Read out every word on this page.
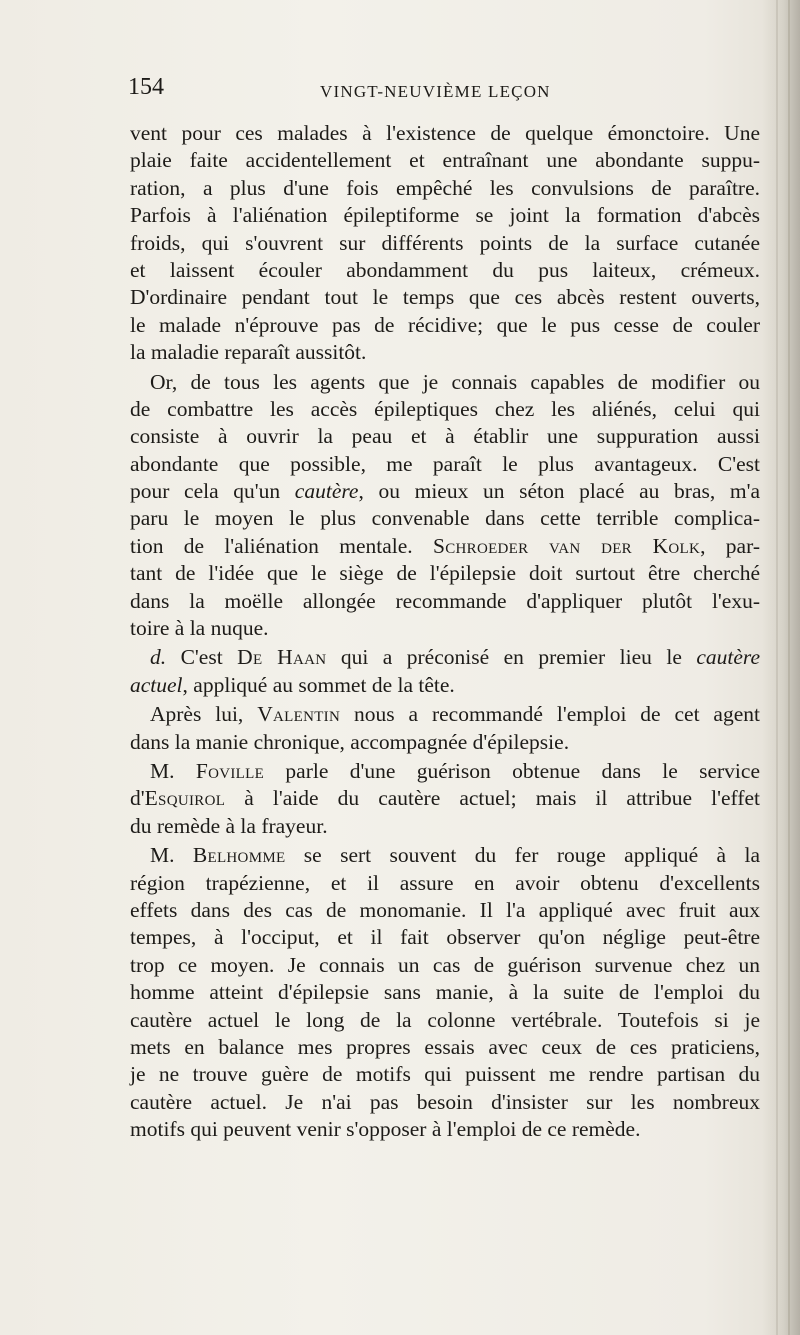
154	VINGT-NEUVIÈME LEÇON
vent pour ces malades à l'existence de quelque émonctoire. Une
plaie faite accidentellement et entraînant une abondante suppu-
ration, a plus d'une fois empêché les convulsions de paraître.
Parfois à l'aliénation épileptiforme se joint la formation d'abcès
froids, qui s'ouvrent sur différents points de la surface cutanée
et laissent écouler abondamment du pus laiteux, crémeux.
D'ordinaire pendant tout le temps que ces abcès restent ouverts,
le malade n'éprouve pas de récidive; que le pus cesse de couler
la maladie reparaît aussitôt.
Or, de tous les agents que je connais capables de modifier ou
de combattre les accès épileptiques chez les aliénés, celui qui
consiste à ouvrir la peau et à établir une suppuration aussi
abondante que possible, me paraît le plus avantageux. C'est
pour cela qu'un cautère, ou mieux un séton placé au bras, m'a
paru le moyen le plus convenable dans cette terrible complica-
tion de l'aliénation mentale. Schroeder van der Kolk, par-
tant de l'idée que le siège de l'épilepsie doit surtout être cherché
dans la moëlle allongée recommande d'appliquer plutôt l'exu-
toire à la nuque.
d. C'est De Haan qui a préconisé en premier lieu le cautère
actuel, appliqué au sommet de la tête.
Après lui, Valentin nous a recommandé l'emploi de cet agent
dans la manie chronique, accompagnée d'épilepsie.
M. Foville parle d'une guérison obtenue dans le service
d'Esquirol à l'aide du cautère actuel; mais il attribue l'effet
du remède à la frayeur.
M. Belhomme se sert souvent du fer rouge appliqué à la
région trapézienne, et il assure en avoir obtenu d'excellents
effets dans des cas de monomanie. Il l'a appliqué avec fruit aux
tempes, à l'occiput, et il fait observer qu'on néglige peut-être
trop ce moyen. Je connais un cas de guérison survenue chez un
homme atteint d'épilepsie sans manie, à la suite de l'emploi du
cautère actuel le long de la colonne vertébrale. Toutefois si je
mets en balance mes propres essais avec ceux de ces praticiens,
je ne trouve guère de motifs qui puissent me rendre partisan du
cautère actuel. Je n'ai pas besoin d'insister sur les nombreux
motifs qui peuvent venir s'opposer à l'emploi de ce remède.
